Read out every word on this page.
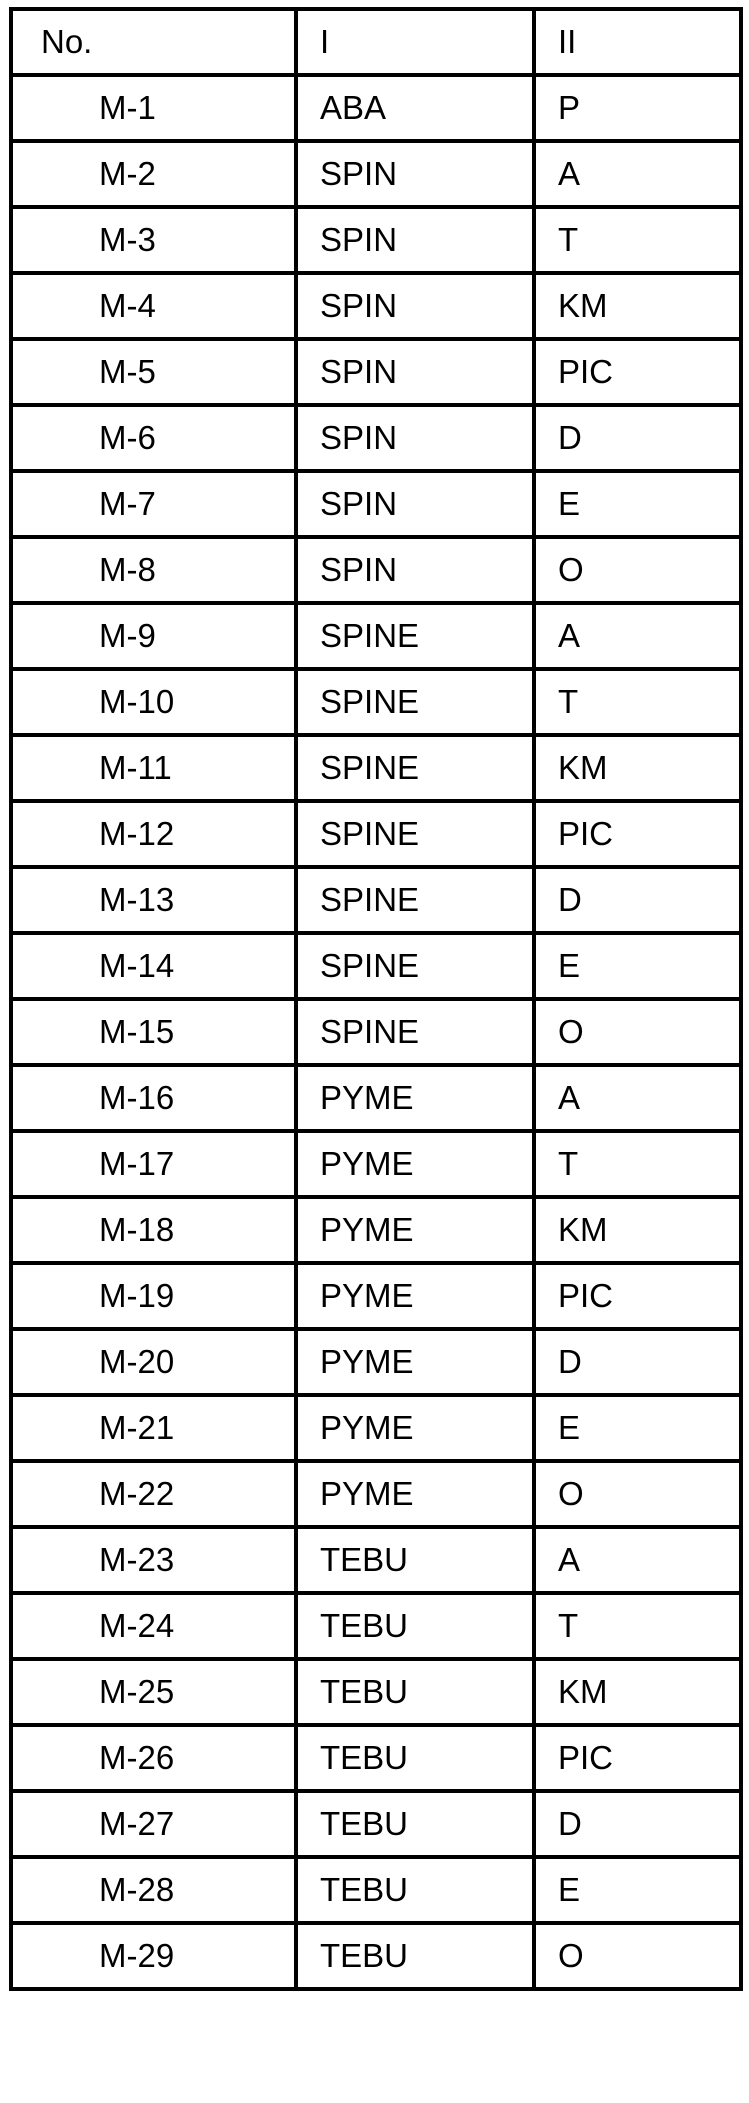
No.	I	II
M-1	ABA	P
M-2	SPIN	A
M-3	SPIN	T
M-4	SPIN	KM
M-5	SPIN	PIC
M-6	SPIN	D
M-7	SPIN	E
M-8	SPIN	O
M-9	SPINE	A
M-10	SPINE	T
M-11	SPINE	KM
M-12	SPINE	PIC
M-13	SPINE	D
M-14	SPINE	E
M-15	SPINE	O
M-16	PYME	A
M-17	PYME	T
M-18	PYME	KM
M-19	PYME	PIC
M-20	PYME	D
M-21	PYME	E
M-22	PYME	O
M-23	TEBU	A
M-24	TEBU	T
M-25	TEBU	KM
M-26	TEBU	PIC
M-27	TEBU	D
M-28	TEBU	E
M-29	TEBU	O
